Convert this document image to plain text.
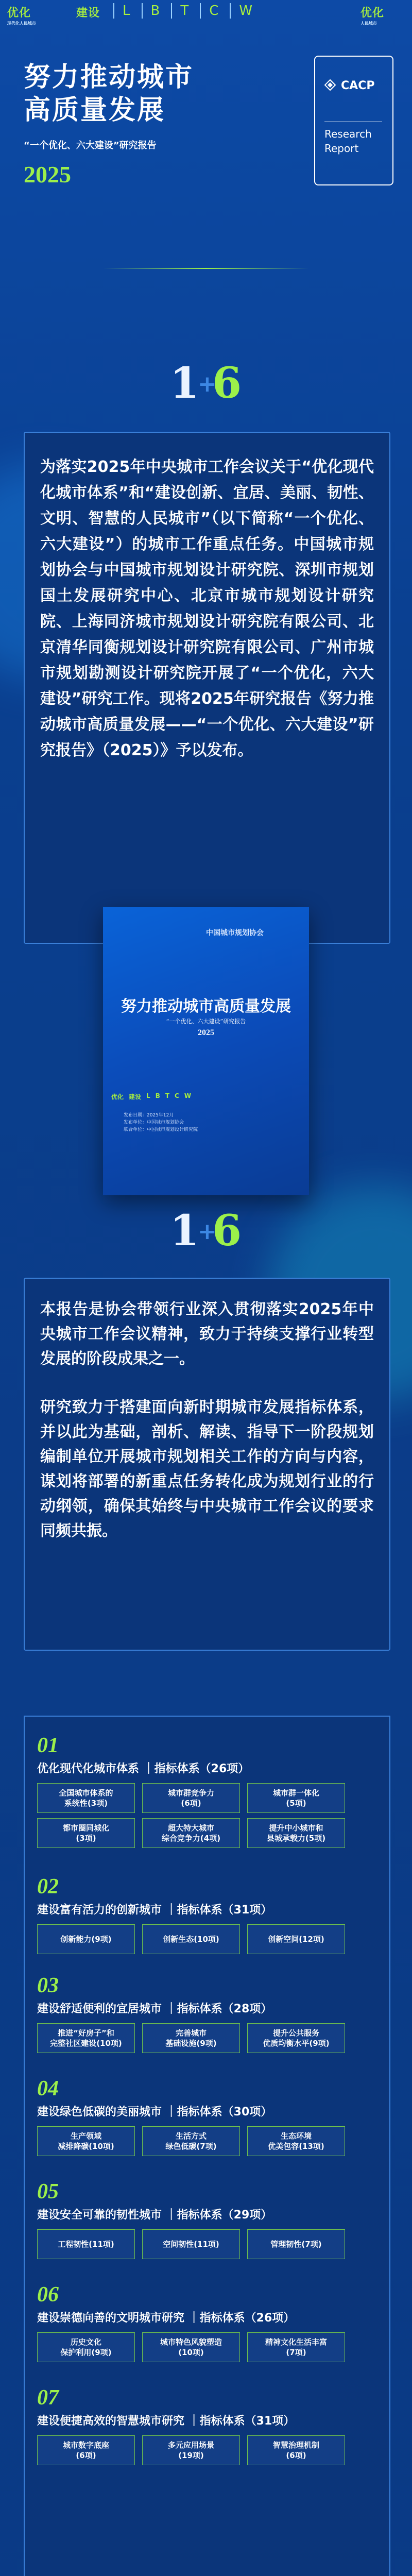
优化
现代化人民城市
建设	L	B	T	C	W	优化
人民城市
努力推动城市
高质量发展
“一个优化、六大建设”研究报告
2025
CACP
Research
Report
1
+
6

为落实2025年中央城市工作会议关于“优化现代化城市体系”和“建设创新、宜居、美丽、韧性、文明、智慧的人民城市”（以下简称“一个优化、六大建设”）的城市工作重点任务。中国城市规划协会与中国城市规划设计研究院、深圳市规划国土发展研究中心、北京市城市规划设计研究院、上海同济城市规划设计研究院有限公司、北京清华同衡规划设计研究院有限公司、广州市城市规划勘测设计研究院开展了“一个优化，六大建设”研究工作。现将2025年研究报告《努力推动城市高质量发展——“一个优化、六大建设”研究报告》（2025）》予以发布。

中国城市规划协会
努力推动城市高质量发展
“一个优化、六大建设”研究报告
2025
优化 建设 L B T C W
发布日期：2025年12月
发布单位：中国城市规划协会
联合单位：中国城市规划设计研究院
1
+
6

本报告是协会带领行业深入贯彻落实2025年中央城市工作会议精神，致力于持续支撑行业转型发展的阶段成果之一。

研究致力于搭建面向新时期城市发展指标体系，并以此为基础，剖析、解读、指导下一阶段规划编制单位开展城市规划相关工作的方向与内容，谋划将部署的新重点任务转化成为规划行业的行动纲领，确保其始终与中央城市工作会议的要求同频共振。

01
优化现代化城市体系 ｜指标体系（26项）
全国城市体系的
系统性(3项)
城市群竞争力
(6项)
城市群一体化
(5项)
都市圈同城化
(3项)
超大特大城市
综合竞争力(4项)
提升中小城市和
县城承载力(5项)
02
建设富有活力的创新城市 ｜指标体系（31项）
创新能力(9项)	创新生态(10项)	创新空间(12项)
03
建设舒适便利的宜居城市 ｜指标体系（28项）
推进“好房子”和
完整社区建设(10项)
完善城市
基础设施(9项)
提升公共服务
优质均衡水平(9项)
04
建设绿色低碳的美丽城市 ｜指标体系（30项）
生产领域
减排降碳(10项)
生活方式
绿色低碳(7项)
生态环境
优美包容(13项)
05
建设安全可靠的韧性城市 ｜指标体系（29项）
工程韧性(11项)	空间韧性(11项)	管理韧性(7项)
06
建设崇德向善的文明城市研究 ｜指标体系（26项）
历史文化
保护利用(9项)
城市特色风貌塑造
(10项)
精神文化生活丰富
(7项)
07
建设便捷高效的智慧城市研究 ｜指标体系（31项）
城市数字底座
(6项)
多元应用场景
(19项)
智慧治理机制
(6项)
